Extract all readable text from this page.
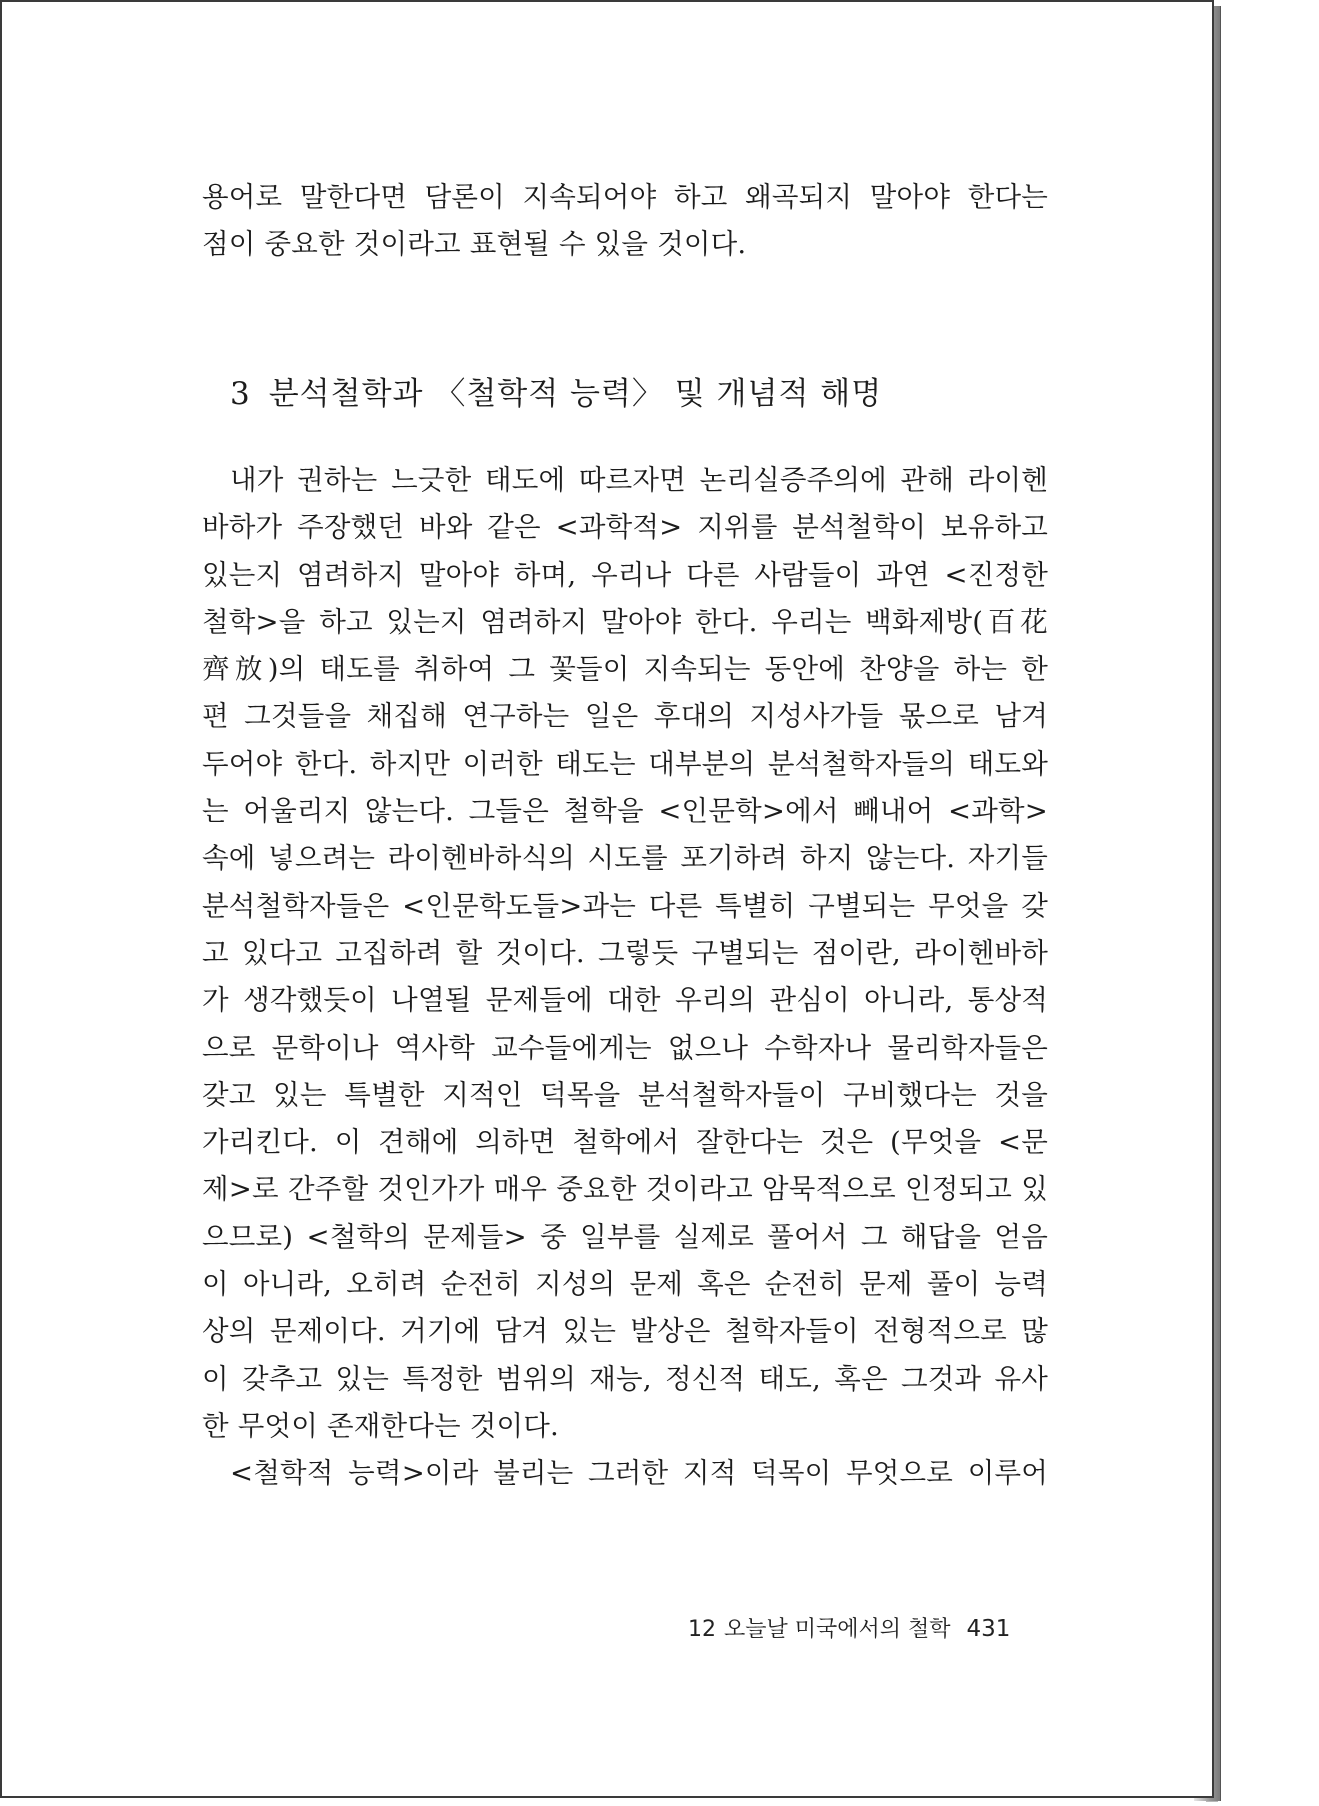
용어로 말한다면 담론이 지속되어야 하고 왜곡되지 말아야 한다는
점이 중요한 것이라고 표현될 수 있을 것이다.
3 분석철학과 〈철학적 능력〉 및 개념적 해명
내가 권하는 느긋한 태도에 따르자면 논리실증주의에 관해 라이헨
바하가 주장했던 바와 같은 <과학적> 지위를 분석철학이 보유하고
있는지 염려하지 말아야 하며, 우리나 다른 사람들이 과연 <진정한
철학>을 하고 있는지 염려하지 말아야 한다. 우리는 백화제방(百花
齊放)의 태도를 취하여 그 꽃들이 지속되는 동안에 찬양을 하는 한
편 그것들을 채집해 연구하는 일은 후대의 지성사가들 몫으로 남겨
두어야 한다. 하지만 이러한 태도는 대부분의 분석철학자들의 태도와
는 어울리지 않는다. 그들은 철학을 <인문학>에서 빼내어 <과학>
속에 넣으려는 라이헨바하식의 시도를 포기하려 하지 않는다. 자기들
분석철학자들은 <인문학도들>과는 다른 특별히 구별되는 무엇을 갖
고 있다고 고집하려 할 것이다. 그렇듯 구별되는 점이란, 라이헨바하
가 생각했듯이 나열될 문제들에 대한 우리의 관심이 아니라, 통상적
으로 문학이나 역사학 교수들에게는 없으나 수학자나 물리학자들은
갖고 있는 특별한 지적인 덕목을 분석철학자들이 구비했다는 것을
가리킨다. 이 견해에 의하면 철학에서 잘한다는 것은 (무엇을 <문
제>로 간주할 것인가가 매우 중요한 것이라고 암묵적으로 인정되고 있
으므로) <철학의 문제들> 중 일부를 실제로 풀어서 그 해답을 얻음
이 아니라, 오히려 순전히 지성의 문제 혹은 순전히 문제 풀이 능력
상의 문제이다. 거기에 담겨 있는 발상은 철학자들이 전형적으로 많
이 갖추고 있는 특정한 범위의 재능, 정신적 태도, 혹은 그것과 유사
한 무엇이 존재한다는 것이다.
<철학적 능력>이라 불리는 그러한 지적 덕목이 무엇으로 이루어
12 오늘날 미국에서의 철학 431
